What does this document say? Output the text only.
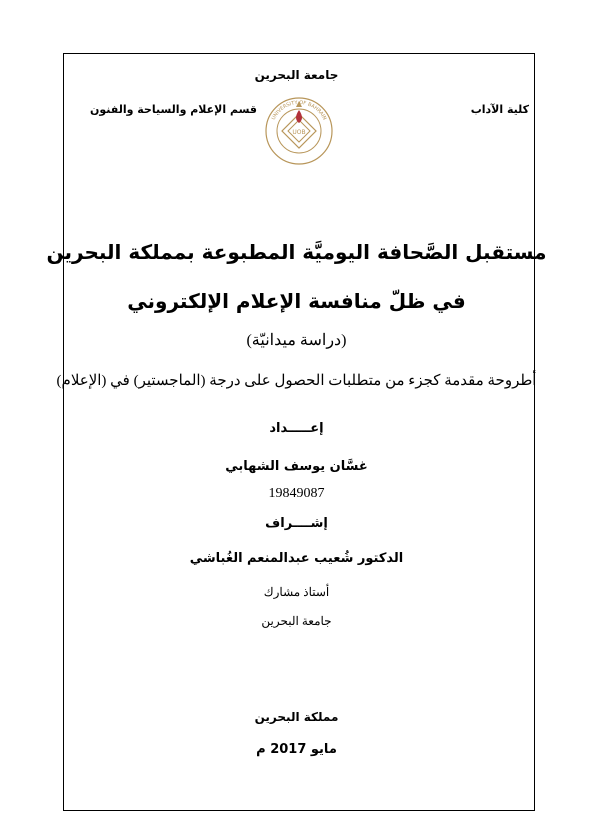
جامعة البحرين
كلية الآداب
قسم الإعلام والسياحة والفنون
UOB
UNIVERSITY OF BAHRAIN
مستقبل الصَّحافة اليوميَّة المطبوعة بمملكة البحرين
في ظلّ منافسة الإعلام الإلكتروني
(دراسة ميدانيّة)
أطروحة مقدمة كجزء من متطلبات الحصول على درجة (الماجستير) في (الإعلام)
إعـــــداد
غسَّان يوسف الشهابي
19849087
إشــــراف
الدكتور شُعيب عبدالمنعم الغُباشي
أستاذ مشارك
جامعة البحرين
مملكة البحرين
مايو 2017 م
